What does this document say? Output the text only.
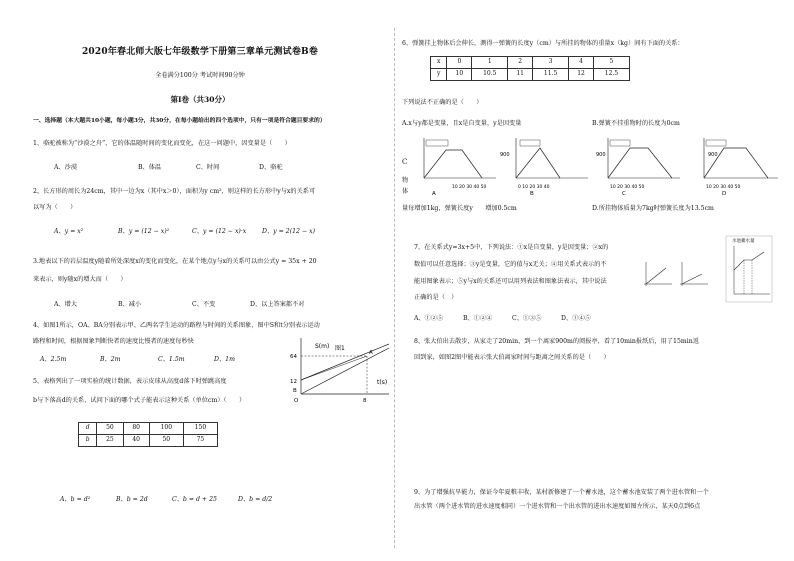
2020年春北师大版七年级数学下册第三章单元测试卷B卷
全卷满分100分 考试时间90分钟
第Ⅰ卷（共30分）
一、选择题（本大题共10小题，每小题3分，共30分，在每小题给出的四个选项中，只有一项是符合题目要求的）
1、骆驼被称为“沙漠之舟”，它的体温随时间的变化而变化，在这一问题中，因变量是（　　）
A、沙漠	B、体温	C、时间	D、骆驼
2、长方形的周长为24cm，其中一边为x（其中x＞0），面积为y cm²，则这样的长方形中y与x的关系可
以写为（　　）
A、y = x²	B、y = (12 − x)²	C、y = (12 − x)·x	D、y = 2(12 − x)
3.地表以下的岩层温度y随着所处深度x的变化而变化，在某个地点y与x的关系可以由公式y = 35x + 20
来表示，则y随x的增大而（　　）
A、增大	B、减小	C、不变	D、以上答案都不对
4、如图1所示，OA、BA分别表示甲、乙两名学生运动的路程与时间的关系图象，图中S和t分别表示运动
路程和时间，根据图象判断快者的速度比慢者的速度每秒快
A、2.5m	B、2m	C、1.5m	D、1m
S(m) 图1
t(s)
64
12
8
A
B
O
5、表格列出了一项实验的统计数据，表示皮球从高度d落下时弹跳高度
b与下落高d的关系，试问下面的哪个式子能表示这种关系（单位cm）（　　）
d	50	80	100	150
b	25	40	50	75
A、b = d²	B、b = 2d	C、b = d + 25	D、b = d/2
6、弹簧挂上物体后会伸长，测得一弹簧的长度y（cm）与所挂的物体的重量x（kg）间有下面的关系：
x	0	1	2	3	4	5
y	10	10.5	11	11.5	12	12.5
下列说法不正确的是（　　）
A.x与y都是变量，且x是自变量，y是因变量	B.弹簧不挂重物时的长度为0cm
10 20 30 40 50
A
900
0 10 20 30 40
B
900
10 20 30 40 50
C
900
10 20 30 40 50
D
C
物
体
量每增加1kg，弹簧长度y　　增加0.5cm	D.所挂物体质量为7kg时弹簧长度为13.5cm
7、在关系式y=3x+5中，下列说法：①x是自变量，y是因变量；②x的
数值可以任意选择；③y是变量，它的值与x无关；④用关系式表示的不
能用图象表示；⑤y与x的关系还可以用列表法和图象法表示，其中说法
正确的是（　）
A、①②⑤	B、①②④	C、①③⑤	D、①④⑤
水池蓄水量
8、张大伯出去散步，从家走了20min，到一个离家900m的阅报亭，看了10min报纸后，用了15min返
回到家，如图2图中能表示张大伯离家时间与距离之间关系的是（　　）
9、为了增强抗旱能力，保证今年夏粮丰收，某村新修建了一个蓄水池，这个蓄水池安装了两个进水管和一个
出水管（两个进水管的进水速度相同）一个进水管和一个出水管的进出水速度如图左所示，某天0点到6点
